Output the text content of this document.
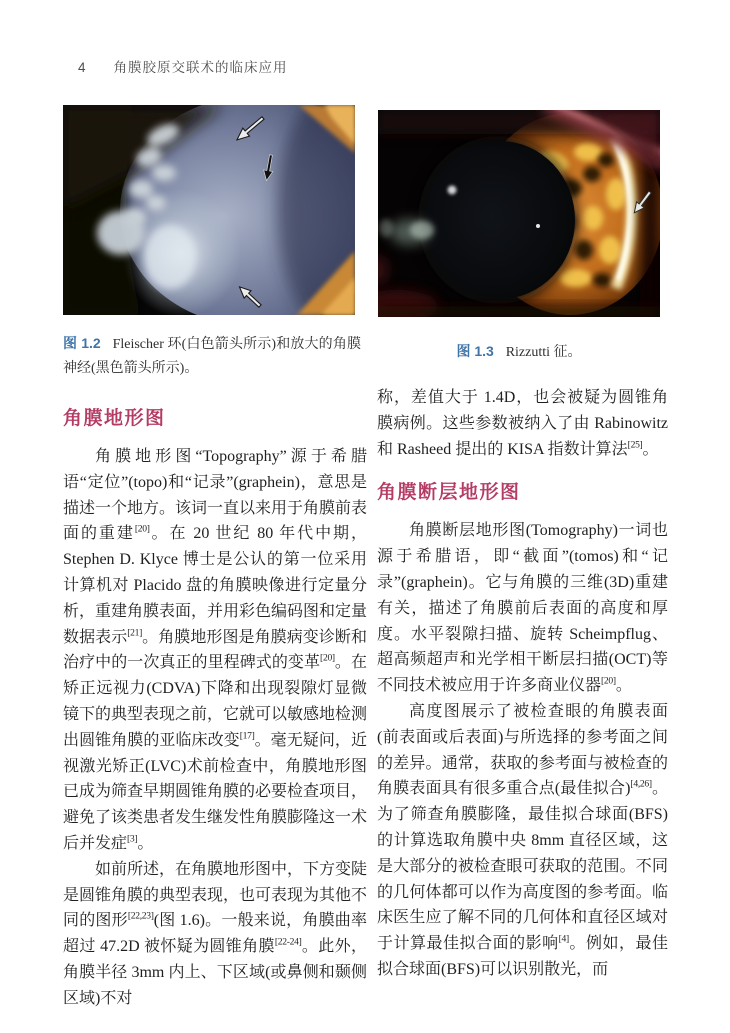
4 角膜胶原交联术的临床应用

图 1.2 Fleischer 环(白色箭头所示)和放大的角膜神经(黑色箭头所示)。

图 1.3 Rizzutti 征。

角膜地形图

角膜地形图“Topography”源于希腊语“定位”(topo)和“记录”(graphein)，意思是描述一个地方。该词一直以来用于角膜前表面的重建[20]。在 20 世纪 80 年代中期，Stephen D. Klyce 博士是公认的第一位采用计算机对 Placido 盘的角膜映像进行定量分析，重建角膜表面，并用彩色编码图和定量数据表示[21]。角膜地形图是角膜病变诊断和治疗中的一次真正的里程碑式的变革[20]。在矫正远视力(CDVA)下降和出现裂隙灯显微镜下的典型表现之前，它就可以敏感地检测出圆锥角膜的亚临床改变[17]。毫无疑问，近视激光矫正(LVC)术前检查中，角膜地形图已成为筛查早期圆锥角膜的必要检查项目，避免了该类患者发生继发性角膜膨隆这一术后并发症[3]。

如前所述，在角膜地形图中，下方变陡是圆锥角膜的典型表现，也可表现为其他不同的图形[22,23](图 1.6)。一般来说，角膜曲率超过 47.2D 被怀疑为圆锥角膜[22-24]。此外，角膜半径 3mm 内上、下区域(或鼻侧和颞侧区域)不对

称，差值大于 1.4D，也会被疑为圆锥角膜病例。这些参数被纳入了由 Rabinowitz 和 Rasheed 提出的 KISA 指数计算法[25]。

角膜断层地形图

角膜断层地形图(Tomography)一词也源于希腊语，即“截面”(tomos)和“记录”(graphein)。它与角膜的三维(3D)重建有关，描述了角膜前后表面的高度和厚度。水平裂隙扫描、旋转 Scheimpflug、超高频超声和光学相干断层扫描(OCT)等不同技术被应用于许多商业仪器[20]。

高度图展示了被检查眼的角膜表面(前表面或后表面)与所选择的参考面之间的差异。通常，获取的参考面与被检查的角膜表面具有很多重合点(最佳拟合)[4,26]。为了筛查角膜膨隆，最佳拟合球面(BFS)的计算选取角膜中央 8mm 直径区域，这是大部分的被检查眼可获取的范围。不同的几何体都可以作为高度图的参考面。临床医生应了解不同的几何体和直径区域对于计算最佳拟合面的影响[4]。例如，最佳拟合球面(BFS)可以识别散光，而
